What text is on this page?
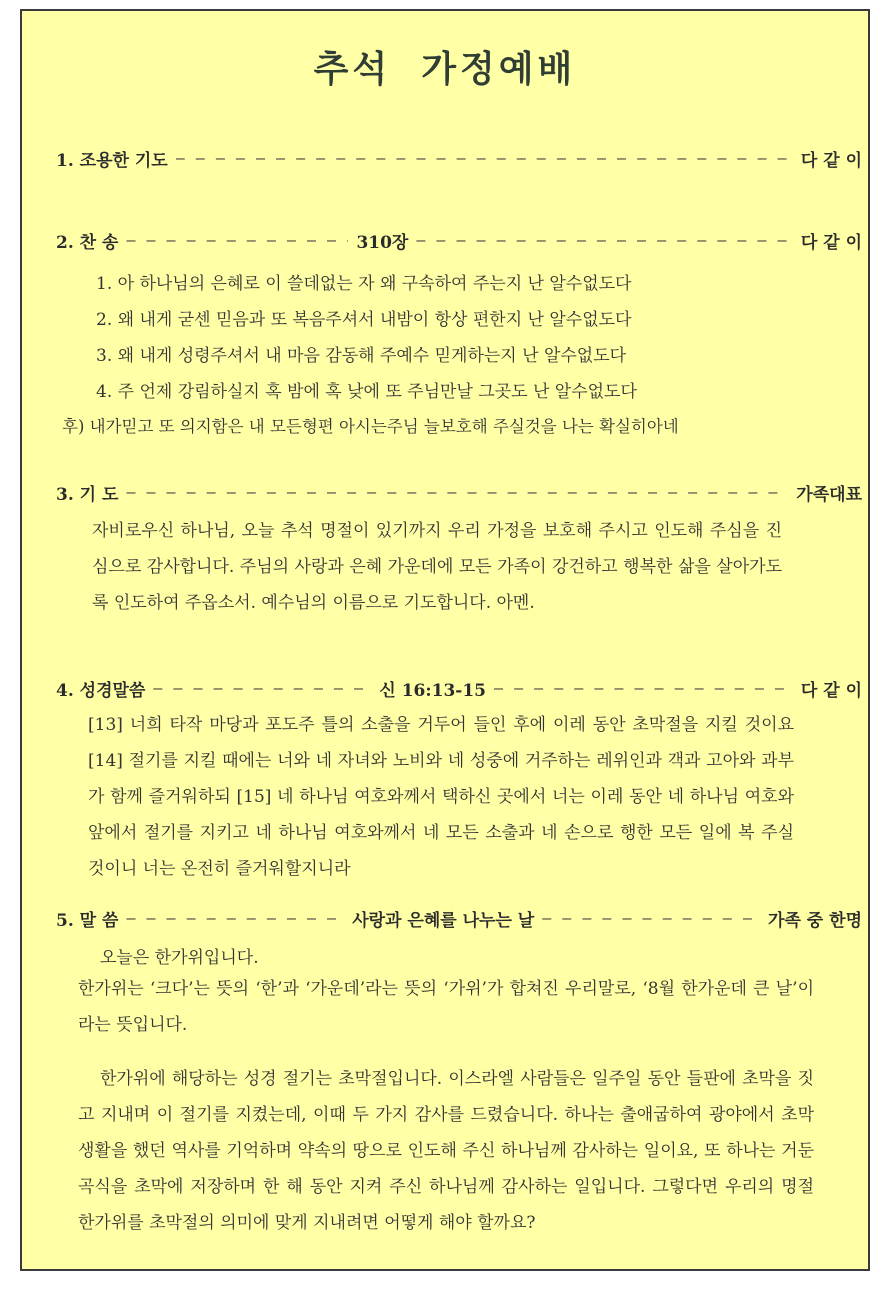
추석 가정예배
1. 조용한 기도 — — —	다 같 이
2. 찬 송 — — —	310장 — — —	다 같 이
1. 아 하나님의 은혜로 이 쓸데없는 자 왜 구속하여 주는지 난 알수없도다
2. 왜 내게 굳센 믿음과 또 복음주셔서 내밤이 항상 편한지 난 알수없도다
3. 왜 내게 성령주셔서 내 마음 감동해 주예수 믿게하는지 난 알수없도다
4. 주 언제 강림하실지 혹 밤에 혹 낮에 또 주님만날 그곳도 난 알수없도다
후) 내가믿고 또 의지함은 내 모든형편 아시는주님 늘보호해 주실것을 나는 확실히아네
3. 기 도 — — —	가족대표
자비로우신 하나님, 오늘 추석 명절이 있기까지 우리 가정을 보호해 주시고 인도해 주심을 진심으로 감사합니다. 주님의 사랑과 은혜 가운데에 모든 가족이 강건하고 행복한 삶을 살아가도록 인도하여 주옵소서. 예수님의 이름으로 기도합니다. 아멘.
4. 성경말씀 — — —	신 16:13-15 — — —	다 같 이
[13] 너희 타작 마당과 포도주 틀의 소출을 거두어 들인 후에 이레 동안 초막절을 지킬 것이요 [14] 절기를 지킬 때에는 너와 네 자녀와 노비와 네 성중에 거주하는 레위인과 객과 고아와 과부가 함께 즐거워하되 [15] 네 하나님 여호와께서 택하신 곳에서 너는 이레 동안 네 하나님 여호와 앞에서 절기를 지키고 네 하나님 여호와께서 네 모든 소출과 네 손으로 행한 모든 일에 복 주실 것이니 너는 온전히 즐거워할지니라
5. 말 씀 — — —	사랑과 은혜를 나누는 날 — — —	가족 중 한명
오늘은 한가위입니다.
한가위는 ‘크다’는 뜻의 ‘한’과 ‘가운데’라는 뜻의 ‘가위’가 합쳐진 우리말로, ‘8월 한가운데 큰 날’이라는 뜻입니다.
한가위에 해당하는 성경 절기는 초막절입니다. 이스라엘 사람들은 일주일 동안 들판에 초막을 짓고 지내며 이 절기를 지켰는데, 이때 두 가지 감사를 드렸습니다. 하나는 출애굽하여 광야에서 초막 생활을 했던 역사를 기억하며 약속의 땅으로 인도해 주신 하나님께 감사하는 일이요, 또 하나는 거둔 곡식을 초막에 저장하며 한 해 동안 지켜 주신 하나님께 감사하는 일입니다. 그렇다면 우리의 명절 한가위를 초막절의 의미에 맞게 지내려면 어떻게 해야 할까요?
